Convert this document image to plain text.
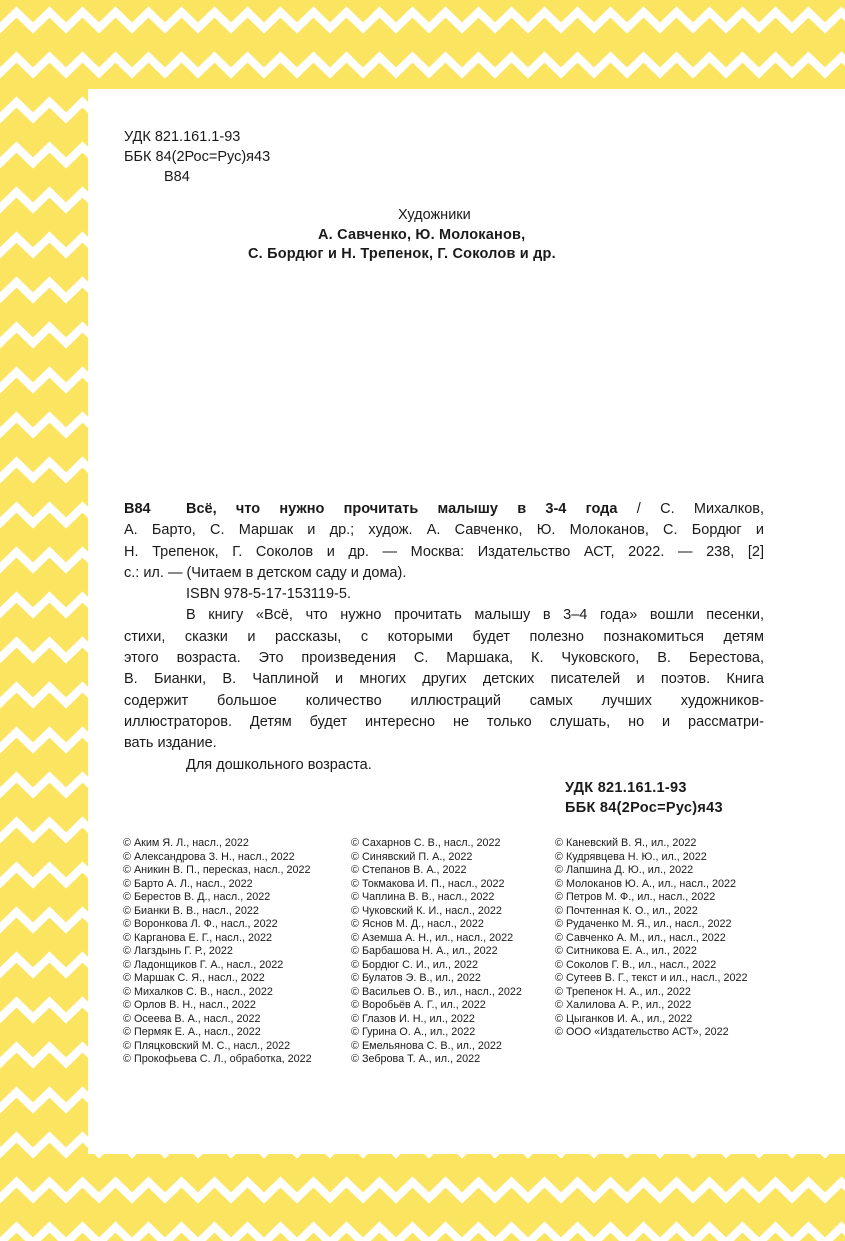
УДК 821.161.1-93
ББК 84(2Рос=Рус)я43
В84
Художники
А. Савченко, Ю. Молоканов,
С. Бордюг и Н. Трепенок, Г. Соколов и др.
В84 Всё, что нужно прочитать малышу в 3-4 года / С. Михалков,
А. Барто, С. Маршак и др.; худож. А. Савченко, Ю. Молоканов, С. Бордюг и
Н. Трепенок, Г. Соколов и др. — Москва: Издательство АСТ, 2022. — 238, [2]
с.: ил. — (Читаем в детском саду и дома).
ISBN 978-5-17-153119-5.
В книгу «Всё, что нужно прочитать малышу в 3–4 года» вошли песенки,
стихи, сказки и рассказы, с которыми будет полезно познакомиться детям
этого возраста. Это произведения С. Маршака, К. Чуковского, В. Берестова,
В. Бианки, В. Чаплиной и многих других детских писателей и поэтов. Книга
содержит большое количество иллюстраций самых лучших художников-
иллюстраторов. Детям будет интересно не только слушать, но и рассматри-
вать издание.
Для дошкольного возраста.
УДК 821.161.1-93
ББК 84(2Рос=Рус)я43
© Аким Я. Л., насл., 2022
© Александрова З. Н., насл., 2022
© Аникин В. П., пересказ, насл., 2022
© Барто А. Л., насл., 2022
© Берестов В. Д., насл., 2022
© Бианки В. В., насл., 2022
© Воронкова Л. Ф., насл., 2022
© Карганова Е. Г., насл., 2022
© Лагздынь Г. Р., 2022
© Ладонщиков Г. А., насл., 2022
© Маршак С. Я., насл., 2022
© Михалков С. В., насл., 2022
© Орлов В. Н., насл., 2022
© Осеева В. А., насл., 2022
© Пермяк Е. А., насл., 2022
© Пляцковский М. С., насл., 2022
© Прокофьева С. Л., обработка, 2022
© Сахарнов С. В., насл., 2022
© Синявский П. А., 2022
© Степанов В. А., 2022
© Токмакова И. П., насл., 2022
© Чаплина В. В., насл., 2022
© Чуковский К. И., насл., 2022
© Яснов М. Д., насл., 2022
© Аземша А. Н., ил., насл., 2022
© Барбашова Н. А., ил., 2022
© Бордюг С. И., ил., 2022
© Булатов Э. В., ил., 2022
© Васильев О. В., ил., насл., 2022
© Воробьёв А. Г., ил., 2022
© Глазов И. Н., ил., 2022
© Гурина О. А., ил., 2022
© Емельянова С. В., ил., 2022
© Зеброва Т. А., ил., 2022
© Каневский В. Я., ил., 2022
© Кудрявцева Н. Ю., ил., 2022
© Лапшина Д. Ю., ил., 2022
© Молоканов Ю. А., ил., насл., 2022
© Петров М. Ф., ил., насл., 2022
© Почтенная К. О., ил., 2022
© Рудаченко М. Я., ил., насл., 2022
© Савченко А. М., ил., насл., 2022
© Ситникова Е. А., ил., 2022
© Соколов Г. В., ил., насл., 2022
© Сутеев В. Г., текст и ил., насл., 2022
© Трепенок Н. А., ил., 2022
© Халилова А. Р., ил., 2022
© Цыганков И. А., ил., 2022
© ООО «Издательство АСТ», 2022
